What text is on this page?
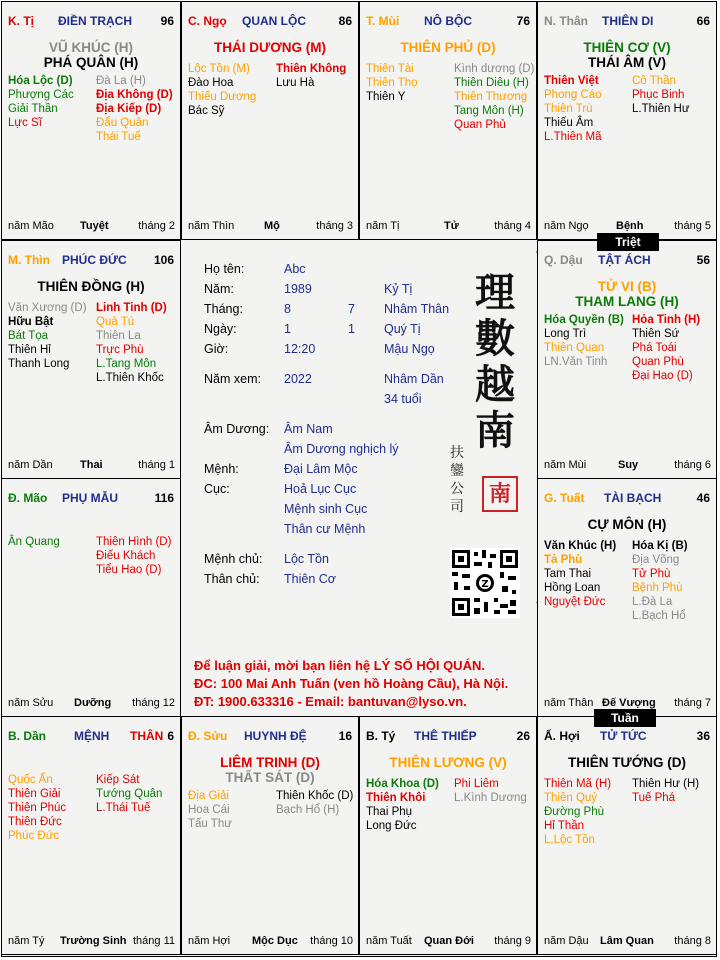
Họ tên:	Abc
Năm:	1989	Kỷ Tị
Tháng:	8	7 Nhâm Thân
Ngày:	1	1 Quý Tị
Giờ:	12:20	Mậu Ngọ
Năm xem: 2022	Nhâm Dần
34 tuổi
Âm Dương: Âm Nam
Âm Dương nghịch lý
Mệnh:	Đại Lâm Mộc
Cục:	Hoả Lục Cục
Mệnh sinh Cục
Thân cư Mệnh
Mệnh chủ: Lộc Tồn
Thân chủ: Thiên Cơ
理
數
越
南
扶
鑾
公
司	南
Z
Để luận giải, mời bạn liên hệ LÝ SỐ HỘI QUÁN.
ĐC: 100 Mai Anh Tuấn (ven hồ Hoàng Cầu), Hà Nội.
ĐT: 1900.633316 - Email: bantuvan@lyso.vn.
K. Tị ĐIỀN TRẠCH 96
VŨ KHÚC (H)
PHÁ QUÂN (H)
Hóa Lộc (D)
Phượng Các
Giải Thần
Lực Sĩ
Đà La (H)
Địa Không (D)
Địa Kiếp (D)
Đẩu Quân
Thái Tuế
năm Mão Tuyệt	tháng 2
C. Ngọ QUAN LỘC	86
THÁI DƯƠNG (M)
Lộc Tồn (M)
Đào Hoa
Thiếu Dương
Bác Sỹ
Thiên Không
Lưu Hà
năm Thìn	Mộ	tháng 3
T. Mùi NÔ BỘC	76
THIÊN PHỦ (D)
Thiên Tài
Thiên Thọ
Thiên Y
Kình dương (D)
Thiên Diêu (H)
Thiên Thương
Tang Môn (H)
Quan Phủ
năm Tị	Tử	tháng 4
N. Thân THIÊN DI	66
THIÊN CƠ (V)
THÁI ÂM (V)
Thiên Việt
Phong Cáo
Thiên Trù
Thiếu Âm
L.Thiên Mã
Cô Thần
Phục Binh
L.Thiên Hư
năm Ngọ Bệnh	tháng 5
M. Thìn PHÚC ĐỨC 106
THIÊN ĐỒNG (H)
Văn Xương (D)
Hữu Bật
Bát Tọa
Thiên Hỉ
Thanh Long
Linh Tinh (D)
Quả Tú
Thiên La
Trực Phù
L.Tang Môn
L.Thiên Khốc
năm Dần Thai	tháng 1
Q. Dậu TẬT ÁCH	56
TỬ VI (B)
THAM LANG (H)
Hóa Quyền (B)
Long Trì
Thiên Quan
LN.Văn Tinh
Hỏa Tinh (H)
Thiên Sứ
Phá Toái
Quan Phù
Đại Hao (D)
năm Mùi	Suy	tháng 6
Đ. Mão PHỤ MẪU	116
Ân Quang	Thiên Hình (D)
Điếu Khách
Tiểu Hao (D)
năm Sửu Dưỡng tháng 12
G. Tuất TÀI BẠCH	46
CỰ MÔN (H)
Văn Khúc (H)
Tả Phù
Tam Thai
Hồng Loan
Nguyệt Đức
Hóa Kị (B)
Địa Võng
Tử Phù
Bệnh Phù
L.Đà La
L.Bạch Hổ
năm Thân Đế Vượng tháng 7
B. Dần MỆNH THÂN 6
Quốc Ấn
Thiên Giải
Thiên Phúc
Thiên Đức
Phúc Đức
Kiếp Sát
Tướng Quân
L.Thái Tuế
năm Tý Trường Sinh tháng 11
Đ. Sửu HUYNH ĐỆ	16
LIÊM TRINH (D)
THẤT SÁT (D)
Địa Giải
Hoa Cái
Tấu Thư
Thiên Khốc (D)
Bạch Hổ (H)
năm Hợi Mộc Dục tháng 10
B. Tý THÊ THIẾP	26
THIÊN LƯƠNG (V)
Hóa Khoa (D)
Thiên Khôi
Thai Phụ
Long Đức
Phi Liêm
L.Kình Dương
năm Tuất Quan Đới tháng 9
Ấ. Hợi TỬ TỨC	36
THIÊN TƯỚNG (D)
Thiên Mã (H)
Thiên Quý
Đường Phù
Hỉ Thần
L.Lộc Tồn
Thiên Hư (H)
Tuế Phá
năm Dậu Lâm Quan tháng 8
Triệt
Tuần
